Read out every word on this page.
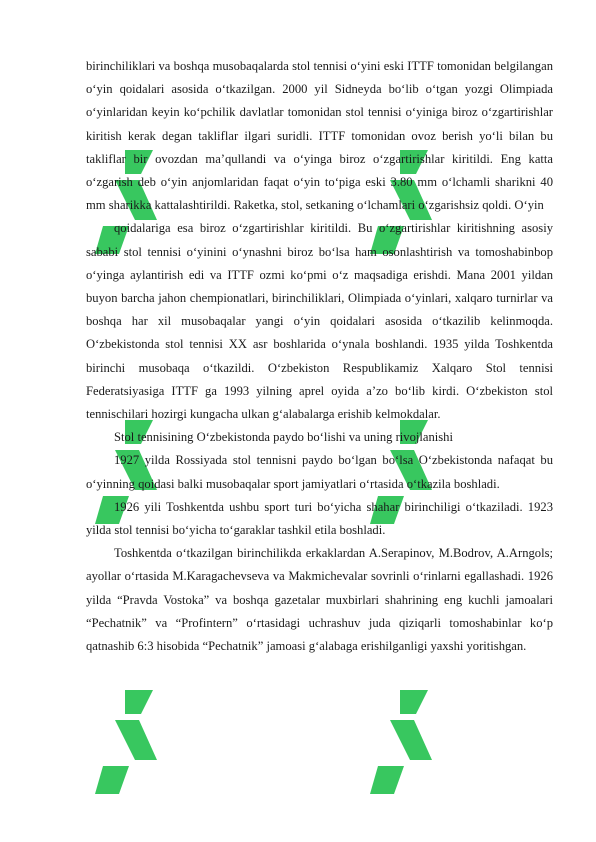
birinchiliklari va boshqa musobaqalarda stol tennisi o‘yini eski ITTF tomonidan belgilangan o‘yin qoidalari asosida o‘tkazilgan. 2000 yil Sidneyda bo‘lib o‘tgan yozgi Olimpiada o‘yinlaridan keyin ko‘pchilik davlatlar tomonidan stol tennisi o‘yiniga biroz o‘zgartirishlar kiritish kerak degan takliflar ilgari suridli. ITTF tomonidan ovoz berish yo‘li bilan bu takliflar bir ovozdan ma’qullandi va o‘yinga biroz o‘zgartirishlar kiritildi. Eng katta o‘zgarish deb o‘yin anjomlaridan faqat o‘yin to‘piga eski 3.80 mm o‘lchamli sharikni 40 mm sharikka kattalashtirildi. Raketka, stol, setkaning o‘lchamlari o‘zgarishsiz qoldi. O‘yin

qoidalariga esa biroz o‘zgartirishlar kiritildi. Bu o‘zgartirishlar kiritishning asosiy sababi stol tennisi o‘yinini o‘ynashni biroz bo‘lsa ham osonlashtirish va tomoshabinbop o‘yinga aylantirish edi va ITTF ozmi ko‘pmi o‘z maqsadiga erishdi. Mana 2001 yildan buyon barcha jahon chempionatlari, birinchiliklari, Olimpiada o‘yinlari, xalqaro turnirlar va boshqa har xil musobaqalar yangi o‘yin qoidalari asosida o‘tkazilib kelinmoqda. O‘zbekistonda stol tennisi XX asr boshlarida o‘ynala boshlandi. 1935 yilda Toshkentda birinchi musobaqa o‘tkazildi. O‘zbekiston Respublikamiz Xalqaro Stol tennisi Federatsiyasiga ITTF ga 1993 yilning aprel oyida a’zo bo‘lib kirdi. O‘zbekiston stol tennischilari hozirgi kungacha ulkan g‘alabalarga erishib kelmokdalar.

Stol tennisining O‘zbekistonda paydo bo‘lishi va uning rivojlanishi

1927 yilda Rossiyada stol tennisni paydo bo‘lgan bo‘lsa O‘zbekistonda nafaqat bu o‘yinning qoidasi balki musobaqalar sport jamiyatlari o‘rtasida o‘tkazila boshladi.

1926 yili Toshkentda ushbu sport turi bo‘yicha shahar birinchiligi o‘tkaziladi. 1923 yilda stol tennisi bo‘yicha to‘garaklar tashkil etila boshladi.

Toshkentda o‘tkazilgan birinchilikda erkaklardan A.Serapinov, M.Bodrov, A.Arngols; ayollar o‘rtasida M.Karagachevseva va Makmichevalar sovrinli o‘rinlarni egallashadi. 1926 yilda “Pravda Vostoka” va boshqa gazetalar muxbirlari shahrining eng kuchli jamoalari “Pechatnik” va “Profintern” o‘rtasidagi uchrashuv juda qiziqarli tomoshabinlar ko‘p qatnashib 6:3 hisobida “Pechatnik” jamoasi g‘alabaga erishilganligi yaxshi yoritishgan.
